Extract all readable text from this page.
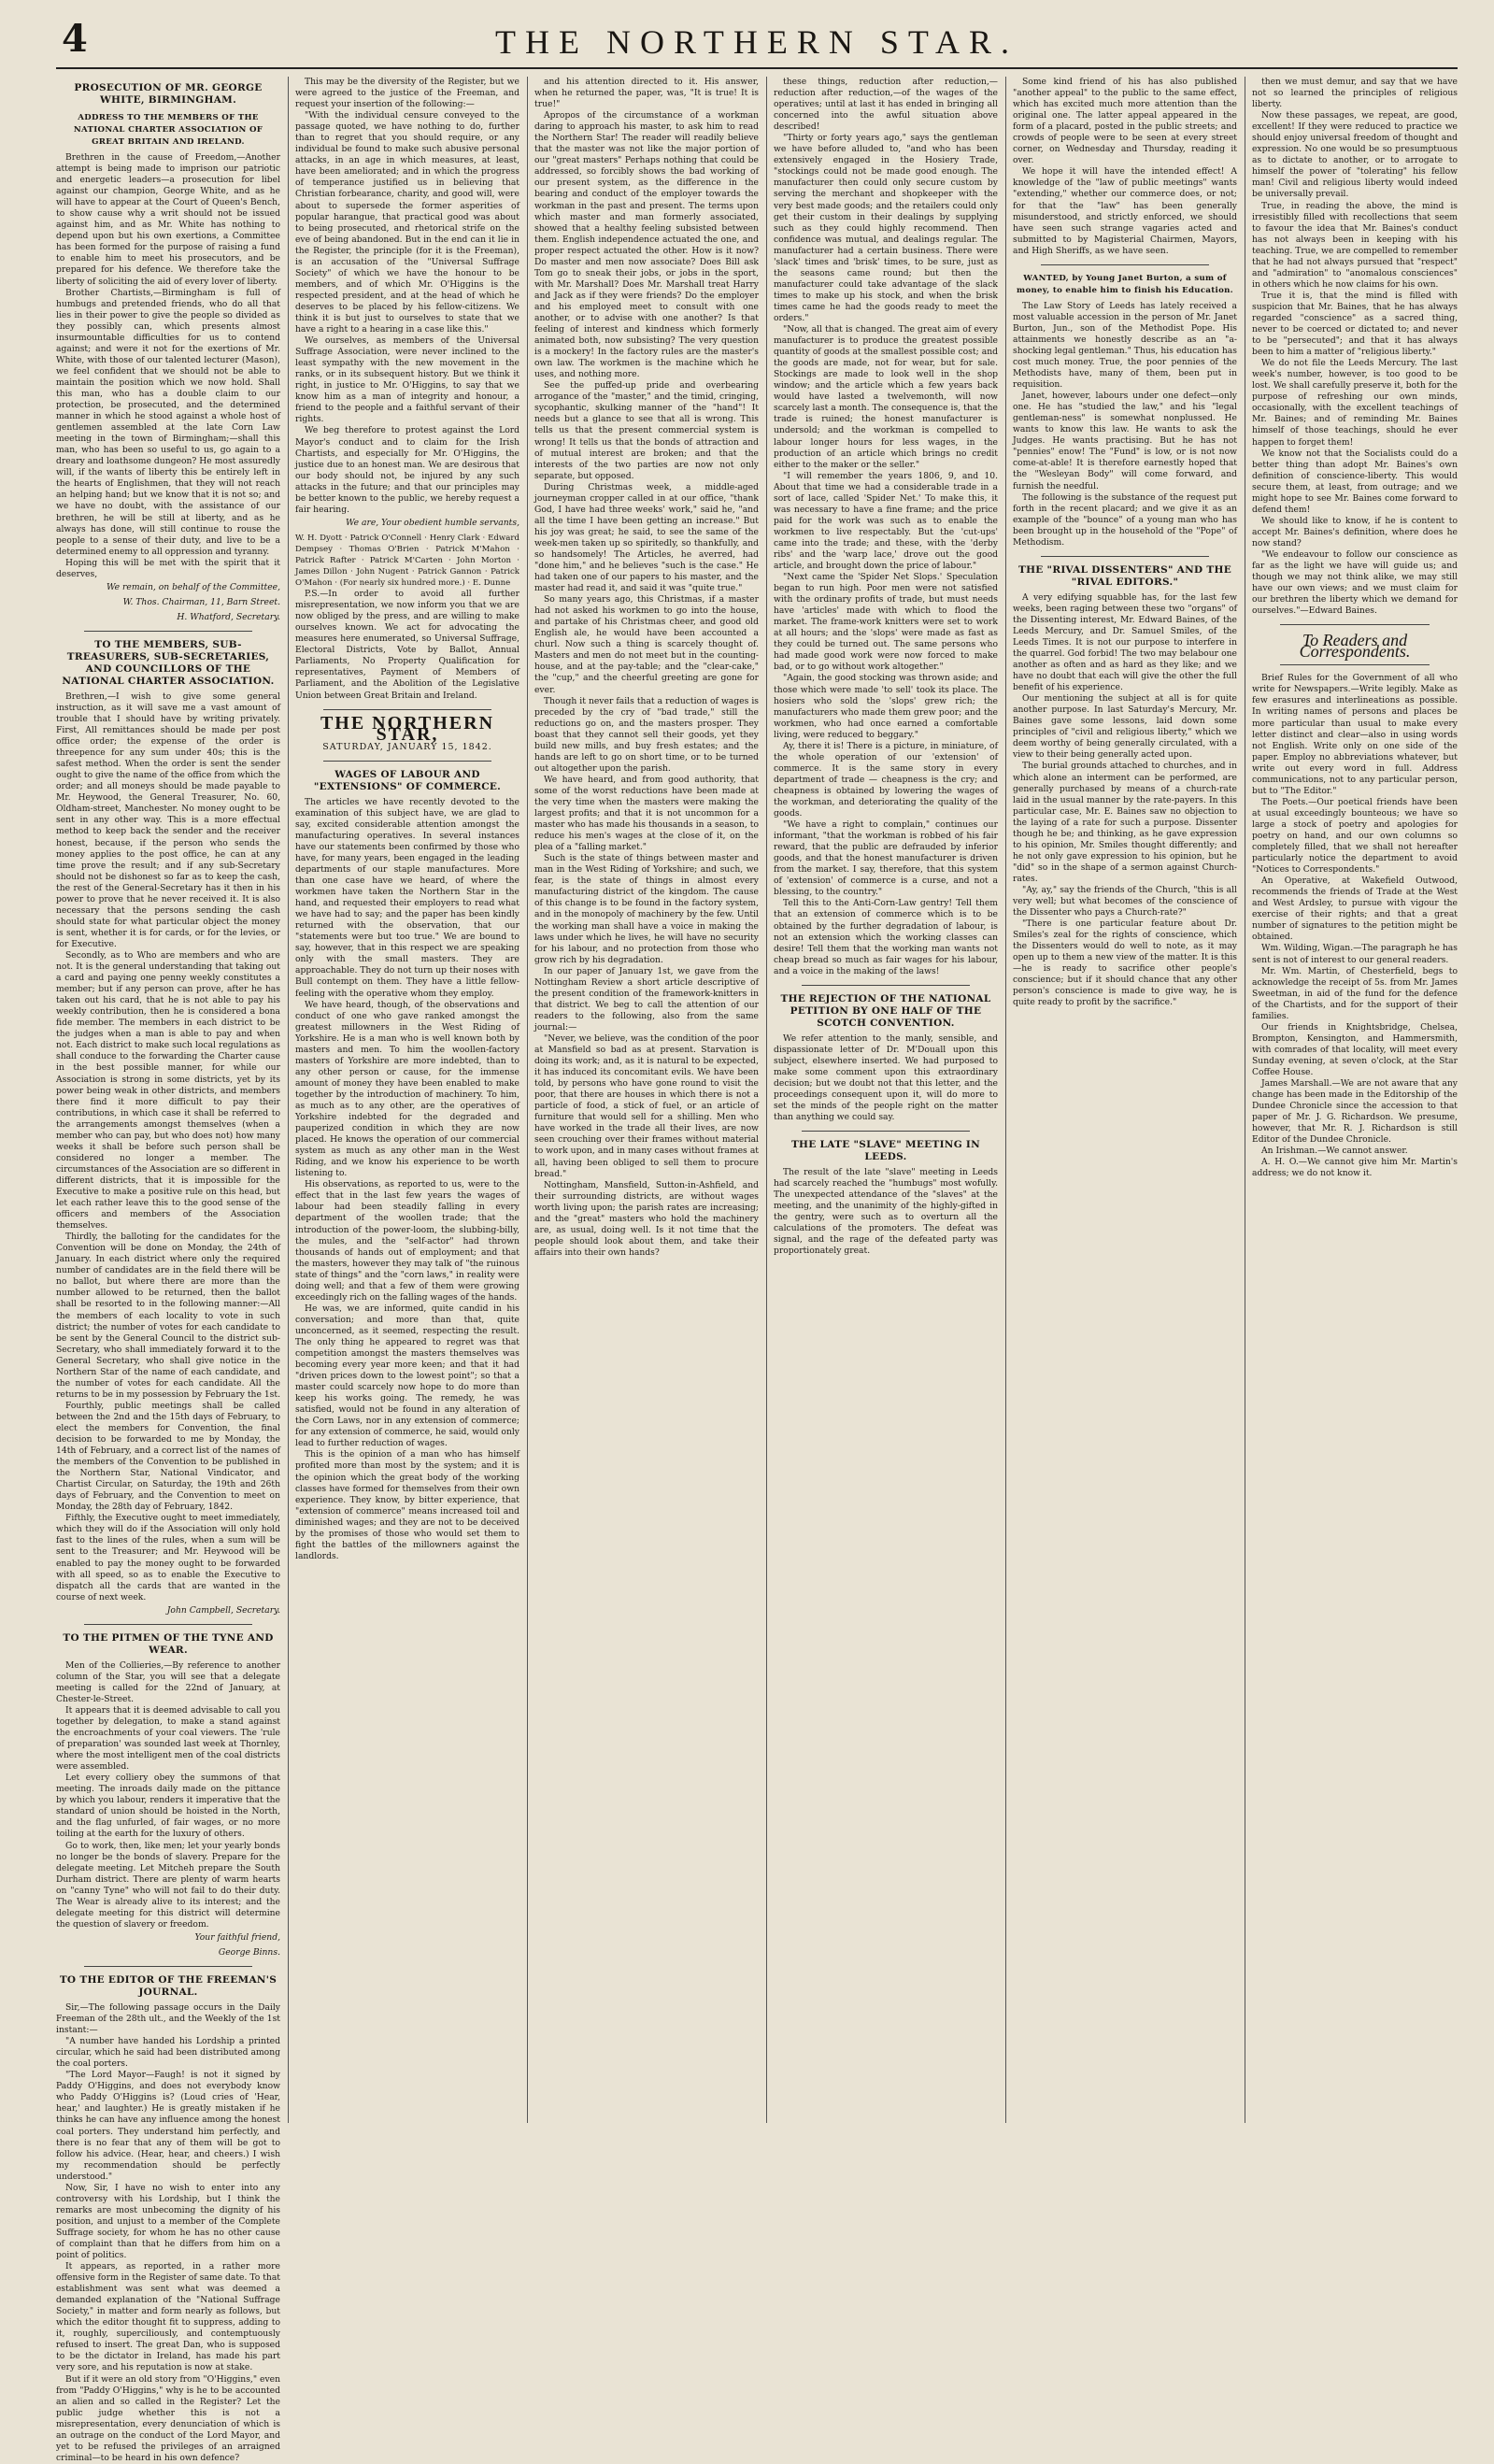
4	THE NORTHERN STAR.

PROSECUTION OF MR. GEORGE WHITE, BIRMINGHAM.

ADDRESS TO THE MEMBERS OF THE NATIONAL CHARTER ASSOCIATION OF GREAT BRITAIN AND IRELAND.

Brethren in the cause of Freedom,—Another attempt is being made to imprison our patriotic and energetic leaders—a prosecution for libel against our champion, George White, and as he will have to appear at the Court of Queen's Bench, to show cause why a writ should not be issued against him, and as Mr. White has nothing to depend upon but his own exertions, a Committee has been formed for the purpose of raising a fund to enable him to meet his prosecutors, and be prepared for his defence. We therefore take the liberty of soliciting the aid of every lover of liberty.

Brother Chartists,—Birmingham is full of humbugs and pretended friends, who do all that lies in their power to give the people so divided as they possibly can, which presents almost insurmountable difficulties for us to contend against; and were it not for the exertions of Mr. White, with those of our talented lecturer (Mason), we feel confident that we should not be able to maintain the position which we now hold. Shall this man, who has a double claim to our protection, be prosecuted, and the determined manner in which he stood against a whole host of gentlemen assembled at the late Corn Law meeting in the town of Birmingham;—shall this man, who has been so useful to us, go again to a dreary and loathsome dungeon? He most assuredly will, if the wants of liberty this be entirely left in the hearts of Englishmen, that they will not reach an helping hand; but we know that it is not so; and we have no doubt, with the assistance of our brethren, he will be still at liberty, and as he always has done, will still continue to rouse the people to a sense of their duty, and live to be a determined enemy to all oppression and tyranny.

Hoping this will be met with the spirit that it deserves,

We remain, on behalf of the Committee,

W. Thos. Chairman, 11, Barn Street.

H. Whatford, Secretary.

TO THE MEMBERS, SUB-TREASURERS, SUB-SECRETARIES, AND COUNCILLORS OF THE NATIONAL CHARTER ASSOCIATION.

Brethren,—I wish to give some general instruction, as it will save me a vast amount of trouble that I should have by writing privately. First, All remittances should be made per post office order; the expense of the order is threepence for any sum under 40s; this is the safest method. When the order is sent the sender ought to give the name of the office from which the order; and all moneys should be made payable to Mr. Heywood, the General Treasurer, No. 60, Oldham-street, Manchester. No money ought to be sent in any other way. This is a more effectual method to keep back the sender and the receiver honest, because, if the person who sends the money applies to the post office, he can at any time prove the result; and if any sub-Secretary should not be dishonest so far as to keep the cash, the rest of the General-Secretary has it then in his power to prove that he never received it. It is also necessary that the persons sending the cash should state for what particular object the money is sent, whether it is for cards, or for the levies, or for Executive.

Secondly, as to Who are members and who are not. It is the general understanding that taking out a card and paying one penny weekly constitutes a member; but if any person can prove, after he has taken out his card, that he is not able to pay his weekly contribution, then he is considered a bona fide member. The members in each district to be the judges when a man is able to pay and when not. Each district to make such local regulations as shall conduce to the forwarding the Charter cause in the best possible manner, for while our Association is strong in some districts, yet by its power being weak in other districts, and members there find it more difficult to pay their contributions, in which case it shall be referred to the arrangements amongst themselves (when a member who can pay, but who does not) how many weeks it shall be before such person shall be considered no longer a member. The circumstances of the Association are so different in different districts, that it is impossible for the Executive to make a positive rule on this head, but let each rather leave this to the good sense of the officers and members of the Association themselves.

Thirdly, the balloting for the candidates for the Convention will be done on Monday, the 24th of January. In each district where only the required number of candidates are in the field there will be no ballot, but where there are more than the number allowed to be returned, then the ballot shall be resorted to in the following manner:—All the members of each locality to vote in such district; the number of votes for each candidate to be sent by the General Council to the district sub-Secretary, who shall immediately forward it to the General Secretary, who shall give notice in the Northern Star of the name of each candidate, and the number of votes for each candidate. All the returns to be in my possession by February the 1st.

Fourthly, public meetings shall be called between the 2nd and the 15th days of February, to elect the members for Convention, the final decision to be forwarded to me by Monday, the 14th of February, and a correct list of the names of the members of the Convention to be published in the Northern Star, National Vindicator, and Chartist Circular, on Saturday, the 19th and 26th days of February, and the Convention to meet on Monday, the 28th day of February, 1842.

Fifthly, the Executive ought to meet immediately, which they will do if the Association will only hold fast to the lines of the rules, when a sum will be sent to the Treasurer; and Mr. Heywood will be enabled to pay the money ought to be forwarded with all speed, so as to enable the Executive to dispatch all the cards that are wanted in the course of next week.

John Campbell, Secretary.

TO THE PITMEN OF THE TYNE AND WEAR.

Men of the Collieries,—By reference to another column of the Star, you will see that a delegate meeting is called for the 22nd of January, at Chester-le-Street.

It appears that it is deemed advisable to call you together by delegation, to make a stand against the encroachments of your coal viewers. The 'rule of preparation' was sounded last week at Thornley, where the most intelligent men of the coal districts were assembled.

Let every colliery obey the summons of that meeting. The inroads daily made on the pittance by which you labour, renders it imperative that the standard of union should be hoisted in the North, and the flag unfurled, of fair wages, or no more toiling at the earth for the luxury of others.

Go to work, then, like men; let your yearly bonds no longer be the bonds of slavery. Prepare for the delegate meeting. Let Mitcheh prepare the South Durham district. There are plenty of warm hearts on "canny Tyne" who will not fail to do their duty. The Wear is already alive to its interest; and the delegate meeting for this district will determine the question of slavery or freedom.

Your faithful friend,

George Binns.

TO THE EDITOR OF THE FREEMAN'S JOURNAL.

Sir,—The following passage occurs in the Daily Freeman of the 28th ult., and the Weekly of the 1st instant:—

"A number have handed his Lordship a printed circular, which he said had been distributed among the coal porters.

"The Lord Mayor—Faugh! is not it signed by Paddy O'Higgins, and does not everybody know who Paddy O'Higgins is? (Loud cries of 'Hear, hear,' and laughter.) He is greatly mistaken if he thinks he can have any influence among the honest coal porters. They understand him perfectly, and there is no fear that any of them will be got to follow his advice. (Hear, hear, and cheers.) I wish my recommendation should be perfectly understood."

Now, Sir, I have no wish to enter into any controversy with his Lordship, but I think the remarks are most unbecoming the dignity of his position, and unjust to a member of the Complete Suffrage society, for whom he has no other cause of complaint than that he differs from him on a point of politics.

It appears, as reported, in a rather more offensive form in the Register of same date. To that establishment was sent what was deemed a demanded explanation of the "National Suffrage Society," in matter and form nearly as follows, but which the editor thought fit to suppress, adding to it, roughly, superciliously, and contemptuously refused to insert. The great Dan, who is supposed to be the dictator in Ireland, has made his part very sore, and his reputation is now at stake.

But if it were an old story from "O'Higgins," even from "Paddy O'Higgins," why is he to be accounted an alien and so called in the Register? Let the public judge whether this is not a misrepresentation, every denunciation of which is an outrage on the conduct of the Lord Mayor, and yet to be refused the privileges of an arraigned criminal—to be heard in his own defence?

This may be the diversity of the Register, but we were agreed to the justice of the Freeman, and request your insertion of the following:—

"With the individual censure conveyed to the passage quoted, we have nothing to do, further than to regret that you should require, or any individual be found to make such abusive personal attacks, in an age in which measures, at least, have been ameliorated; and in which the progress of temperance justified us in believing that Christian forbearance, charity, and good will, were about to supersede the former asperities of popular harangue, that practical good was about to being prosecuted, and rhetorical strife on the eve of being abandoned. But in the end can it lie in the Register, the principle (for it is the Freeman), is an accusation of the "Universal Suffrage Society" of which we have the honour to be members, and of which Mr. O'Higgins is the respected president, and at the head of which he deserves to be placed by his fellow-citizens. We think it is but just to ourselves to state that we have a right to a hearing in a case like this."

We ourselves, as members of the Universal Suffrage Association, were never inclined to the least sympathy with the new movement in the ranks, or in its subsequent history. But we think it right, in justice to Mr. O'Higgins, to say that we know him as a man of integrity and honour, a friend to the people and a faithful servant of their rights.

We beg therefore to protest against the Lord Mayor's conduct and to claim for the Irish Chartists, and especially for Mr. O'Higgins, the justice due to an honest man. We are desirous that our body should not, be injured by any such attacks in the future; and that our principles may be better known to the public, we hereby request a fair hearing.

We are, Your obedient humble servants,

W. H. Dyott · Patrick O'Connell · Henry Clark · Edward Dempsey · Thomas O'Brien · Patrick M'Mahon · Patrick Rafter · Patrick M'Carten · John Morton · James Dillon · John Nugent · Patrick Gannon · Patrick O'Mahon · (For nearly six hundred more.) · E. Dunne

P.S.—In order to avoid all further misrepresentation, we now inform you that we are now obliged by the press, and are willing to make ourselves known. We act for advocating the measures here enumerated, so Universal Suffrage, Electoral Districts, Vote by Ballot, Annual Parliaments, No Property Qualification for representatives, Payment of Members of Parliament, and the Abolition of the Legislative Union between Great Britain and Ireland.

THE NORTHERN STAR,
SATURDAY, JANUARY 15, 1842.

WAGES OF LABOUR AND "EXTENSIONS" OF COMMERCE.

The articles we have recently devoted to the examination of this subject have, we are glad to say, excited considerable attention amongst the manufacturing operatives. In several instances have our statements been confirmed by those who have, for many years, been engaged in the leading departments of our staple manufactures. More than one case have we heard, of where the workmen have taken the Northern Star in the hand, and requested their employers to read what we have had to say; and the paper has been kindly returned with the observation, that our "statements were but too true." We are bound to say, however, that in this respect we are speaking only with the small masters. They are approachable. They do not turn up their noses with Bull contempt on them. They have a little fellow-feeling with the operative whom they employ.

We have heard, though, of the observations and conduct of one who gave ranked amongst the greatest millowners in the West Riding of Yorkshire. He is a man who is well known both by masters and men. To him the woollen-factory masters of Yorkshire are more indebted, than to any other person or cause, for the immense amount of money they have been enabled to make together by the introduction of machinery. To him, as much as to any other, are the operatives of Yorkshire indebted for the degraded and pauperized condition in which they are now placed. He knows the operation of our commercial system as much as any other man in the West Riding, and we know his experience to be worth listening to.

His observations, as reported to us, were to the effect that in the last few years the wages of labour had been steadily falling in every department of the woollen trade; that the introduction of the power-loom, the slubbing-billy, the mules, and the "self-actor" had thrown thousands of hands out of employment; and that the masters, however they may talk of "the ruinous state of things" and the "corn laws," in reality were doing well; and that a few of them were growing exceedingly rich on the falling wages of the hands.

He was, we are informed, quite candid in his conversation; and more than that, quite unconcerned, as it seemed, respecting the result. The only thing he appeared to regret was that competition amongst the masters themselves was becoming every year more keen; and that it had "driven prices down to the lowest point"; so that a master could scarcely now hope to do more than keep his works going. The remedy, he was satisfied, would not be found in any alteration of the Corn Laws, nor in any extension of commerce; for any extension of commerce, he said, would only lead to further reduction of wages.

This is the opinion of a man who has himself profited more than most by the system; and it is the opinion which the great body of the working classes have formed for themselves from their own experience. They know, by bitter experience, that "extension of commerce" means increased toil and diminished wages; and they are not to be deceived by the promises of those who would set them to fight the battles of the millowners against the landlords.

and his attention directed to it. His answer, when he returned the paper, was, "It is true! It is true!"

Apropos of the circumstance of a workman daring to approach his master, to ask him to read the Northern Star! The reader will readily believe that the master was not like the major portion of our "great masters" Perhaps nothing that could be addressed, so forcibly shows the bad working of our present system, as the difference in the bearing and conduct of the employer towards the workman in the past and present. The terms upon which master and man formerly associated, showed that a healthy feeling subsisted between them. English independence actuated the one, and proper respect actuated the other. How is it now? Do master and men now associate? Does Bill ask Tom go to sneak their jobs, or jobs in the sport, with Mr. Marshall? Does Mr. Marshall treat Harry and Jack as if they were friends? Do the employer and his employed meet to consult with one another, or to advise with one another? Is that feeling of interest and kindness which formerly animated both, now subsisting? The very question is a mockery! In the factory rules are the master's own law. The workmen is the machine which he uses, and nothing more.

See the puffed-up pride and overbearing arrogance of the "master," and the timid, cringing, sycophantic, skulking manner of the "hand"! It needs but a glance to see that all is wrong. This tells us that the present commercial system is wrong! It tells us that the bonds of attraction and of mutual interest are broken; and that the interests of the two parties are now not only separate, but opposed.

During Christmas week, a middle-aged journeyman cropper called in at our office, "thank God, I have had three weeks' work," said he, "and all the time I have been getting an increase." But his joy was great; he said, to see the same of the week-men taken up so spiritedly, so thankfully, and so handsomely! The Articles, he averred, had "done him," and he believes "such is the case." He had taken one of our papers to his master, and the master had read it, and said it was "quite true."

So many years ago, this Christmas, if a master had not asked his workmen to go into the house, and partake of his Christmas cheer, and good old English ale, he would have been accounted a churl. Now such a thing is scarcely thought of. Masters and men do not meet but in the counting-house, and at the pay-table; and the "clear-cake," the "cup," and the cheerful greeting are gone for ever.

Though it never fails that a reduction of wages is preceded by the cry of "bad trade," still the reductions go on, and the masters prosper. They boast that they cannot sell their goods, yet they build new mills, and buy fresh estates; and the hands are left to go on short time, or to be turned out altogether upon the parish.

We have heard, and from good authority, that some of the worst reductions have been made at the very time when the masters were making the largest profits; and that it is not uncommon for a master who has made his thousands in a season, to reduce his men's wages at the close of it, on the plea of a "falling market."

Such is the state of things between master and man in the West Riding of Yorkshire; and such, we fear, is the state of things in almost every manufacturing district of the kingdom. The cause of this change is to be found in the factory system, and in the monopoly of machinery by the few. Until the working man shall have a voice in making the laws under which he lives, he will have no security for his labour, and no protection from those who grow rich by his degradation.

In our paper of January 1st, we gave from the Nottingham Review a short article descriptive of the present condition of the framework-knitters in that district. We beg to call the attention of our readers to the following, also from the same journal:—

"Never, we believe, was the condition of the poor at Mansfield so bad as at present. Starvation is doing its work; and, as it is natural to be expected, it has induced its concomitant evils. We have been told, by persons who have gone round to visit the poor, that there are houses in which there is not a particle of food, a stick of fuel, or an article of furniture that would sell for a shilling. Men who have worked in the trade all their lives, are now seen crouching over their frames without material to work upon, and in many cases without frames at all, having been obliged to sell them to procure bread."

Nottingham, Mansfield, Sutton-in-Ashfield, and their surrounding districts, are without wages worth living upon; the parish rates are increasing; and the "great" masters who hold the machinery are, as usual, doing well. Is it not time that the people should look about them, and take their affairs into their own hands?

these things, reduction after reduction,—reduction after reduction,—of the wages of the operatives; until at last it has ended in bringing all concerned into the awful situation above described!

"Thirty or forty years ago," says the gentleman we have before alluded to, "and who has been extensively engaged in the Hosiery Trade, "stockings could not be made good enough. The manufacturer then could only secure custom by serving the merchant and shopkeeper with the very best made goods; and the retailers could only get their custom in their dealings by supplying such as they could highly recommend. Then confidence was mutual, and dealings regular. The manufacturer had a certain business. There were 'slack' times and 'brisk' times, to be sure, just as the seasons came round; but then the manufacturer could take advantage of the slack times to make up his stock, and when the brisk times came he had the goods ready to meet the orders."

"Now, all that is changed. The great aim of every manufacturer is to produce the greatest possible quantity of goods at the smallest possible cost; and the goods are made, not for wear, but for sale. Stockings are made to look well in the shop window; and the article which a few years back would have lasted a twelvemonth, will now scarcely last a month. The consequence is, that the trade is ruined; the honest manufacturer is undersold; and the workman is compelled to labour longer hours for less wages, in the production of an article which brings no credit either to the maker or the seller."

"I will remember the years 1806, 9, and 10. About that time we had a considerable trade in a sort of lace, called 'Spider Net.' To make this, it was necessary to have a fine frame; and the price paid for the work was such as to enable the workmen to live respectably. But the 'cut-ups' came into the trade; and these, with the 'derby ribs' and the 'warp lace,' drove out the good article, and brought down the price of labour."

"Next came the 'Spider Net Slops.' Speculation began to run high. Poor men were not satisfied with the ordinary profits of trade, but must needs have 'articles' made with which to flood the market. The frame-work knitters were set to work at all hours; and the 'slops' were made as fast as they could be turned out. The same persons who had made good work were now forced to make bad, or to go without work altogether."

"Again, the good stocking was thrown aside; and those which were made 'to sell' took its place. The hosiers who sold the 'slops' grew rich; the manufacturers who made them grew poor; and the workmen, who had once earned a comfortable living, were reduced to beggary."

Ay, there it is! There is a picture, in miniature, of the whole operation of our 'extension' of commerce. It is the same story in every department of trade — cheapness is the cry; and cheapness is obtained by lowering the wages of the workman, and deteriorating the quality of the goods.

"We have a right to complain," continues our informant, "that the workman is robbed of his fair reward, that the public are defrauded by inferior goods, and that the honest manufacturer is driven from the market. I say, therefore, that this system of 'extension' of commerce is a curse, and not a blessing, to the country."

Tell this to the Anti-Corn-Law gentry! Tell them that an extension of commerce which is to be obtained by the further degradation of labour, is not an extension which the working classes can desire! Tell them that the working man wants not cheap bread so much as fair wages for his labour, and a voice in the making of the laws!

THE REJECTION OF THE NATIONAL PETITION BY ONE HALF OF THE SCOTCH CONVENTION.

We refer attention to the manly, sensible, and dispassionate letter of Dr. M'Douall upon this subject, elsewhere inserted. We had purposed to make some comment upon this extraordinary decision; but we doubt not that this letter, and the proceedings consequent upon it, will do more to set the minds of the people right on the matter than anything we could say.

THE LATE "SLAVE" MEETING IN LEEDS.

The result of the late "slave" meeting in Leeds had scarcely reached the "humbugs" most wofully. The unexpected attendance of the "slaves" at the meeting, and the unanimity of the highly-gifted in the gentry, were such as to overturn all the calculations of the promoters. The defeat was signal, and the rage of the defeated party was proportionately great.

Some kind friend of his has also published "another appeal" to the public to the same effect, which has excited much more attention than the original one. The latter appeal appeared in the form of a placard, posted in the public streets; and crowds of people were to be seen at every street corner, on Wednesday and Thursday, reading it over.

We hope it will have the intended effect! A knowledge of the "law of public meetings" wants "extending," whether our commerce does, or not; for that the "law" has been generally misunderstood, and strictly enforced, we should have seen such strange vagaries acted and submitted to by Magisterial Chairmen, Mayors, and High Sheriffs, as we have seen.

WANTED, by Young Janet Burton, a sum of money, to enable him to finish his Education.

The Law Story of Leeds has lately received a most valuable accession in the person of Mr. Janet Burton, Jun., son of the Methodist Pope. His attainments we honestly describe as an "a-shocking legal gentleman." Thus, his education has cost much money. True, the poor pennies of the Methodists have, many of them, been put in requisition.

Janet, however, labours under one defect—only one. He has "studied the law," and his "legal gentleman-ness" is somewhat nonplussed. He wants to know this law. He wants to ask the Judges. He wants practising. But he has not "pennies" enow! The "Fund" is low, or is not now come-at-able! It is therefore earnestly hoped that the "Wesleyan Body" will come forward, and furnish the needful.

The following is the substance of the request put forth in the recent placard; and we give it as an example of the "bounce" of a young man who has been brought up in the household of the "Pope" of Methodism.

THE "RIVAL DISSENTERS" AND THE "RIVAL EDITORS."

A very edifying squabble has, for the last few weeks, been raging between these two "organs" of the Dissenting interest, Mr. Edward Baines, of the Leeds Mercury, and Dr. Samuel Smiles, of the Leeds Times. It is not our purpose to interfere in the quarrel. God forbid! The two may belabour one another as often and as hard as they like; and we have no doubt that each will give the other the full benefit of his experience.

Our mentioning the subject at all is for quite another purpose. In last Saturday's Mercury, Mr. Baines gave some lessons, laid down some principles of "civil and religious liberty," which we deem worthy of being generally circulated, with a view to their being generally acted upon.

The burial grounds attached to churches, and in which alone an interment can be performed, are generally purchased by means of a church-rate laid in the usual manner by the rate-payers. In this particular case, Mr. E. Baines saw no objection to the laying of a rate for such a purpose. Dissenter though he be; and thinking, as he gave expression to his opinion, Mr. Smiles thought differently; and he not only gave expression to his opinion, but he "did" so in the shape of a sermon against Church-rates.

"Ay, ay," say the friends of the Church, "this is all very well; but what becomes of the conscience of the Dissenter who pays a Church-rate?"

"There is one particular feature about Dr. Smiles's zeal for the rights of conscience, which the Dissenters would do well to note, as it may open up to them a new view of the matter. It is this—he is ready to sacrifice other people's conscience; but if it should chance that any other person's conscience is made to give way, he is quite ready to profit by the sacrifice."

then we must demur, and say that we have not so learned the principles of religious liberty.

Now these passages, we repeat, are good, excellent! If they were reduced to practice we should enjoy universal freedom of thought and expression. No one would be so presumptuous as to dictate to another, or to arrogate to himself the power of "tolerating" his fellow man! Civil and religious liberty would indeed be universally prevail.

True, in reading the above, the mind is irresistibly filled with recollections that seem to favour the idea that Mr. Baines's conduct has not always been in keeping with his teaching. True, we are compelled to remember that he had not always pursued that "respect" and "admiration" to "anomalous consciences" in others which he now claims for his own.

True it is, that the mind is filled with suspicion that Mr. Baines, that he has always regarded "conscience" as a sacred thing, never to be coerced or dictated to; and never to be "persecuted"; and that it has always been to him a matter of "religious liberty."

We do not file the Leeds Mercury. The last week's number, however, is too good to be lost. We shall carefully preserve it, both for the purpose of refreshing our own minds, occasionally, with the excellent teachings of Mr. Baines; and of reminding Mr. Baines himself of those teachings, should he ever happen to forget them!

We know not that the Socialists could do a better thing than adopt Mr. Baines's own definition of conscience-liberty. This would secure them, at least, from outrage; and we might hope to see Mr. Baines come forward to defend them!

We should like to know, if he is content to accept Mr. Baines's definition, where does he now stand?

"We endeavour to follow our conscience as far as the light we have will guide us; and though we may not think alike, we may still have our own views; and we must claim for our brethren the liberty which we demand for ourselves."—Edward Baines.

To Readers and Correspondents.

Brief Rules for the Government of all who write for Newspapers.—Write legibly. Make as few erasures and interlineations as possible. In writing names of persons and places be more particular than usual to make every letter distinct and clear—also in using words not English. Write only on one side of the paper. Employ no abbreviations whatever, but write out every word in full. Address communications, not to any particular person, but to "The Editor."

The Poets.—Our poetical friends have been at usual exceedingly bounteous; we have so large a stock of poetry and apologies for poetry on hand, and our own columns so completely filled, that we shall not hereafter particularly notice the department to avoid "Notices to Correspondents."

An Operative, at Wakefield Outwood, recommends the friends of Trade at the West and West Ardsley, to pursue with vigour the exercise of their rights; and that a great number of signatures to the petition might be obtained.

Wm. Wilding, Wigan.—The paragraph he has sent is not of interest to our general readers.

Mr. Wm. Martin, of Chesterfield, begs to acknowledge the receipt of 5s. from Mr. James Sweetman, in aid of the fund for the defence of the Chartists, and for the support of their families.

Our friends in Knightsbridge, Chelsea, Brompton, Kensington, and Hammersmith, with comrades of that locality, will meet every Sunday evening, at seven o'clock, at the Star Coffee House.

James Marshall.—We are not aware that any change has been made in the Editorship of the Dundee Chronicle since the accession to that paper of Mr. J. G. Richardson. We presume, however, that Mr. R. J. Richardson is still Editor of the Dundee Chronicle.

An Irishman.—We cannot answer.

A. H. O.—We cannot give him Mr. Martin's address; we do not know it.
